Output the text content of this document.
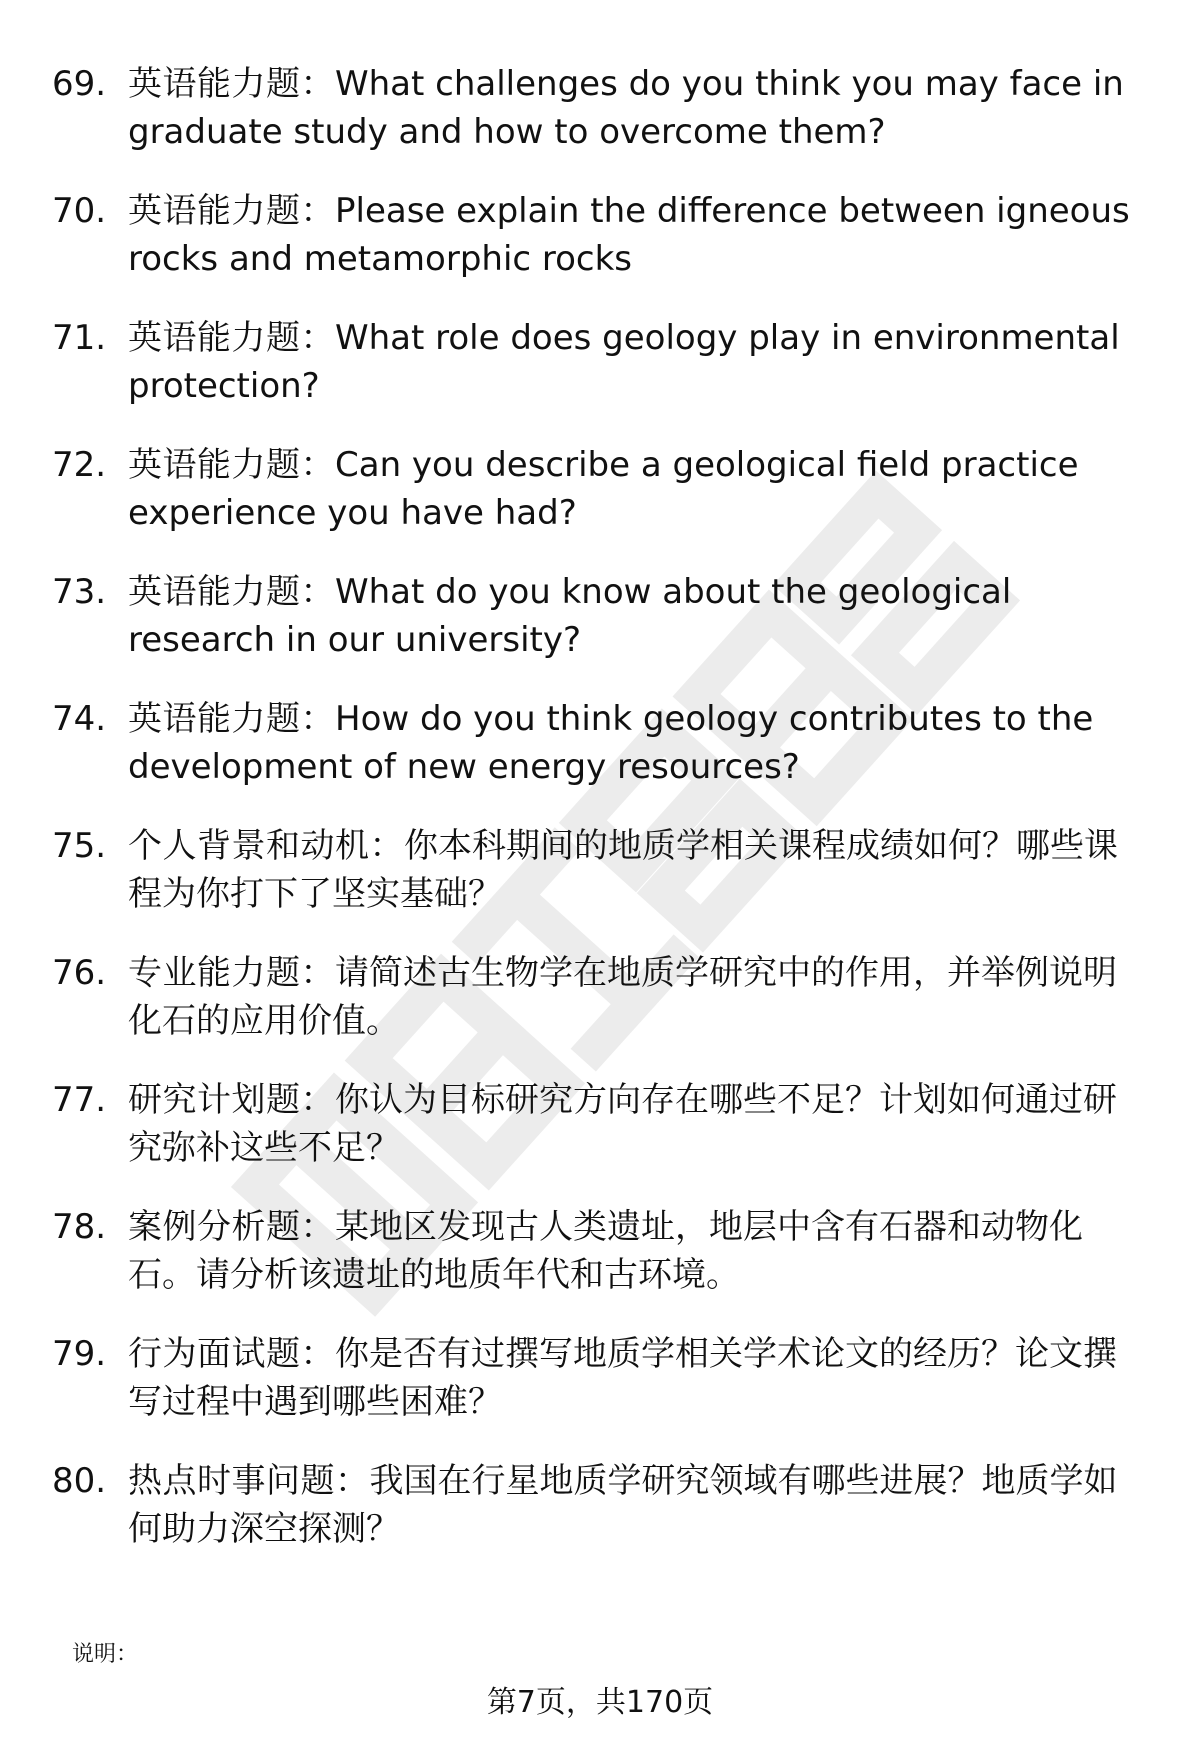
69. 英语能力题：What challenges do you think you may face in graduate study and how to overcome them?
70. 英语能力题：Please explain the difference between igneous rocks and metamorphic rocks
71. 英语能力题：What role does geology play in environmental protection?
72. 英语能力题：Can you describe a geological field practice experience you have had?
73. 英语能力题：What do you know about the geological research in our university?
74. 英语能力题：How do you think geology contributes to the development of new energy resources?
75. 个人背景和动机：你本科期间的地质学相关课程成绩如何？哪些课程为你打下了坚实基础？
76. 专业能力题：请简述古生物学在地质学研究中的作用，并举例说明化石的应用价值。
77. 研究计划题：你认为目标研究方向存在哪些不足？计划如何通过研究弥补这些不足？
78. 案例分析题：某地区发现古人类遗址，地层中含有石器和动物化石。请分析该遗址的地质年代和古环境。
79. 行为面试题：你是否有过撰写地质学相关学术论文的经历？论文撰写过程中遇到哪些困难？
80. 热点时事问题：我国在行星地质学研究领域有哪些进展？地质学如何助力深空探测？
说明：
第7页，共170页
